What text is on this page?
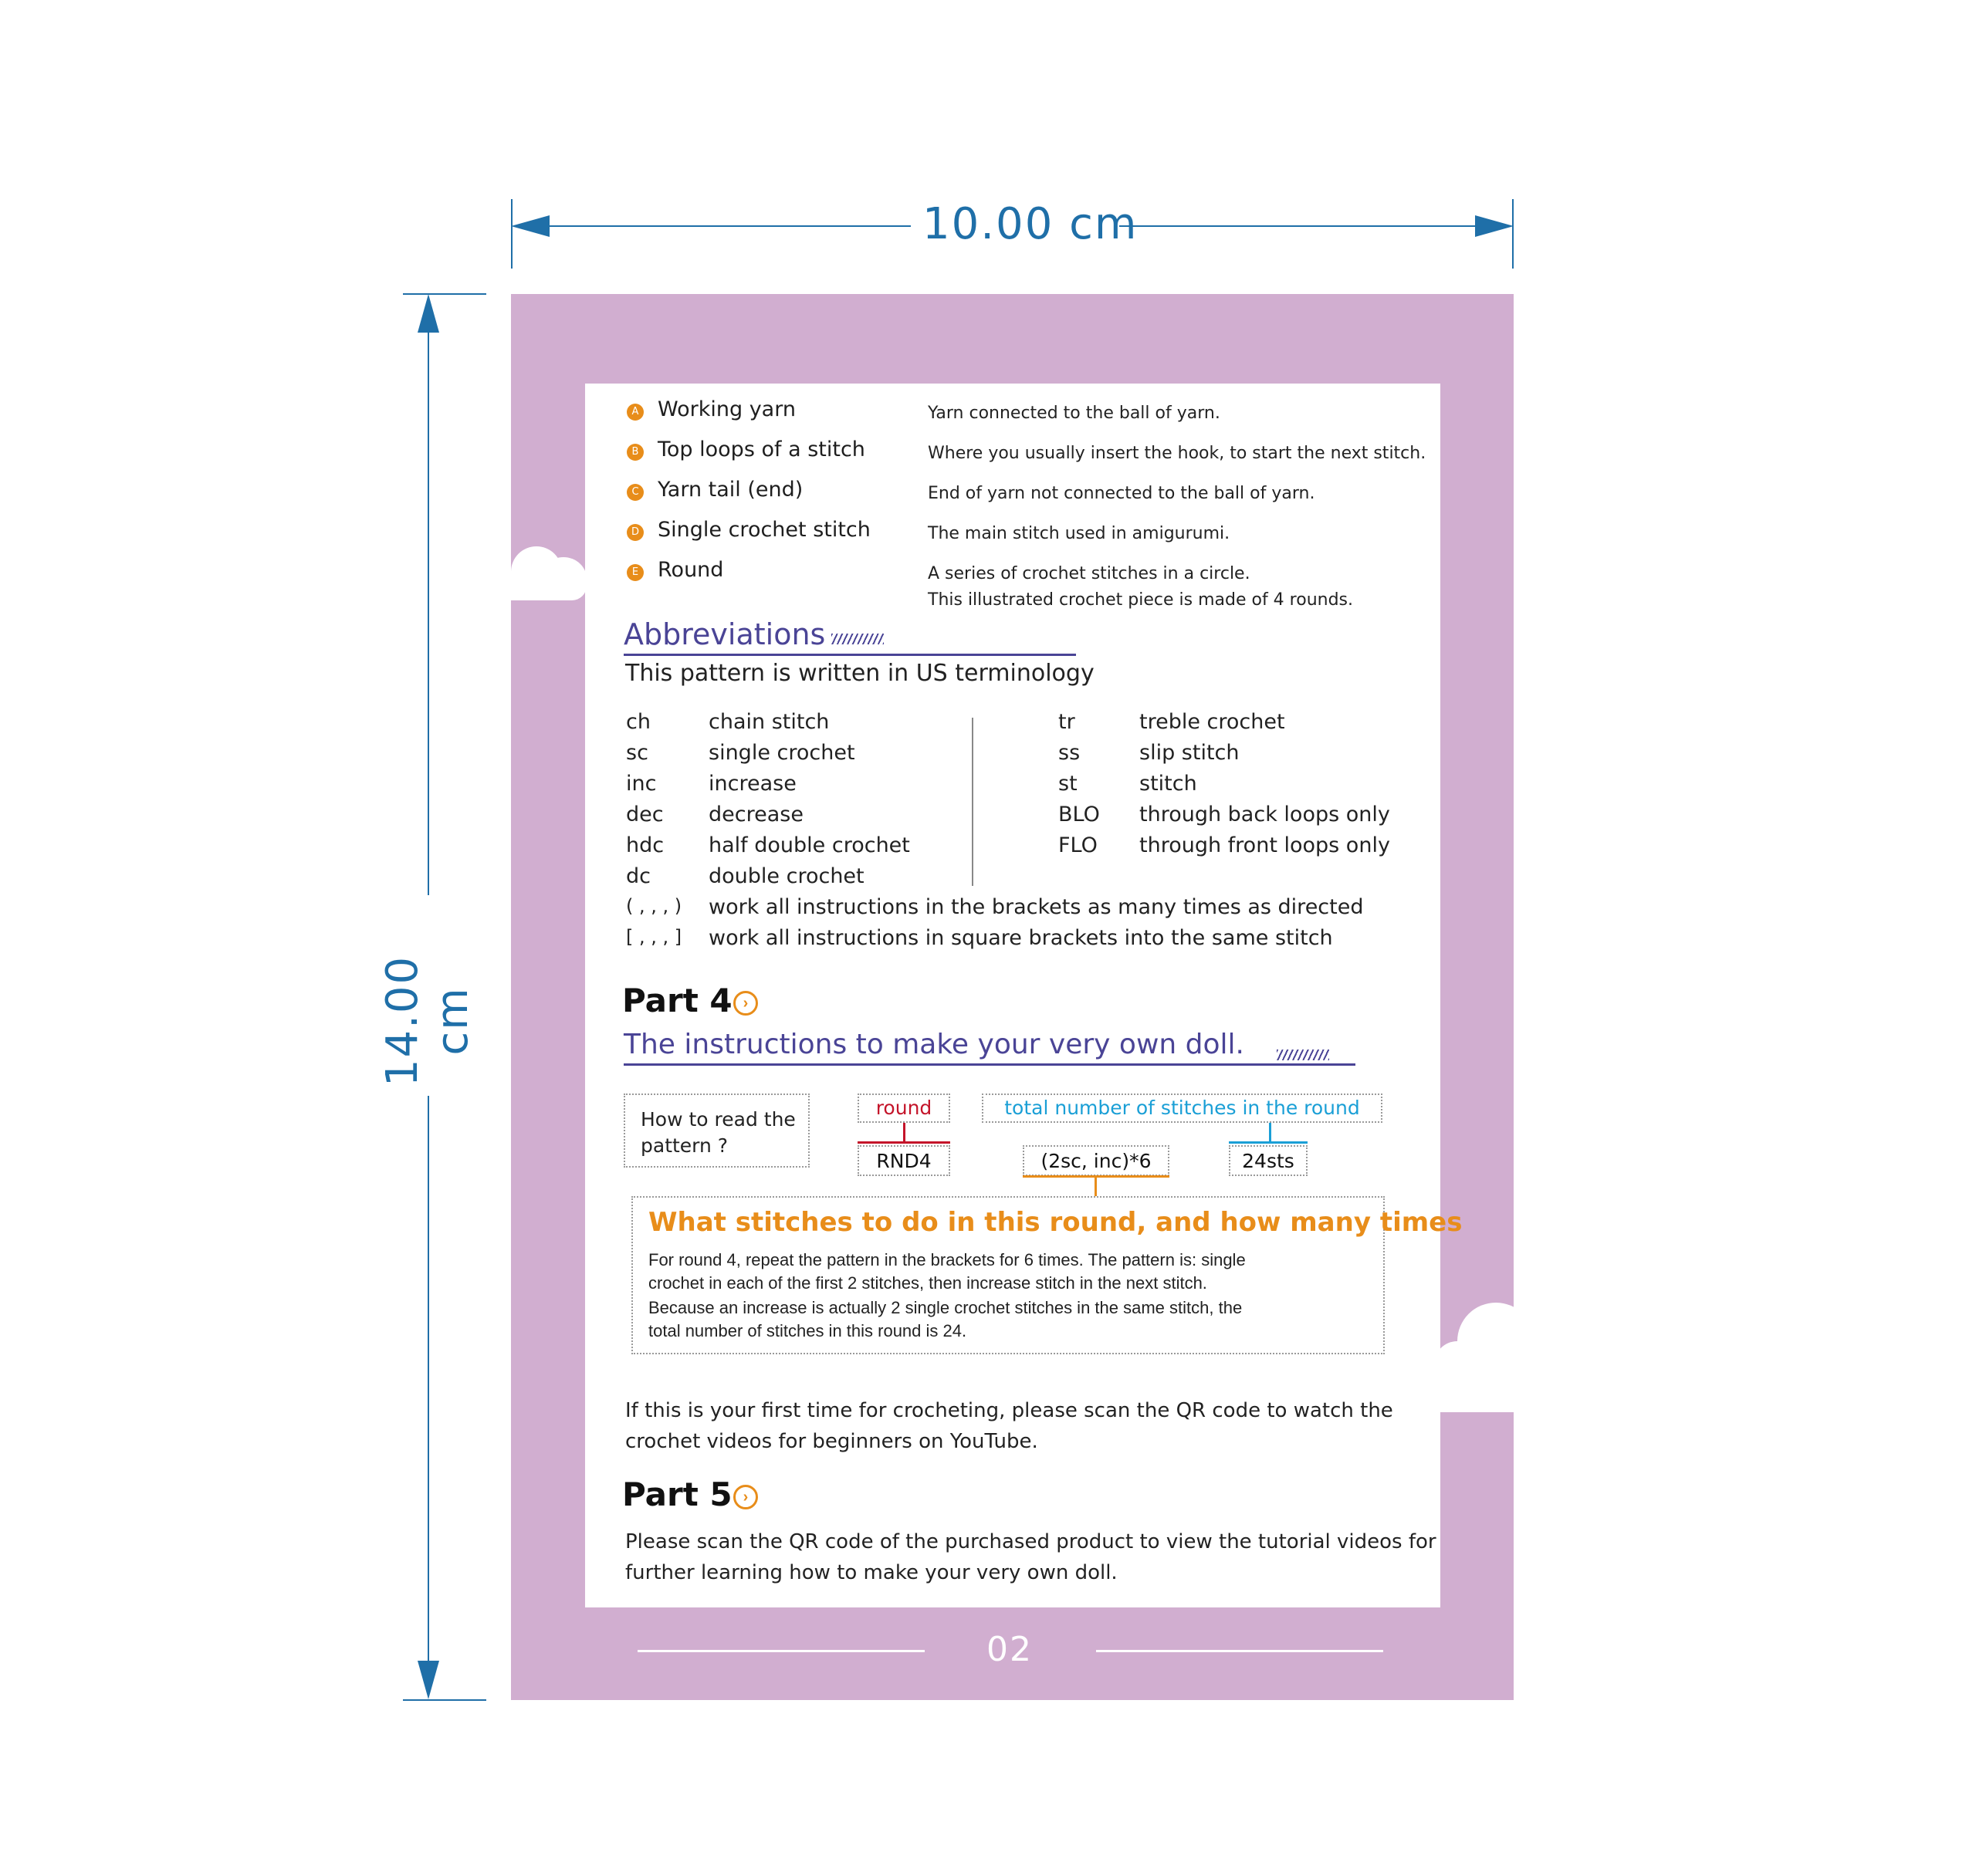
10.00 cm
14.00 cm
A Working yarn	Yarn connected to the ball of yarn.
B Top loops of a stitch	Where you usually insert the hook, to start the next stitch.
C Yarn tail (end)	End of yarn not connected to the ball of yarn.
D Single crochet stitch	The main stitch used in amigurumi.
E Round	A series of crochet stitches in a circle.
This illustrated crochet piece is made of 4 rounds.
Abbreviations
This pattern is written in US terminology
ch	chain stitch
sc	single crochet
inc	increase
dec decrease
hdc half double crochet
dc	double crochet
tr	treble crochet
ss	slip stitch
st	stitch
BLO through back loops only
FLO through front loops only
( , , , ) work all instructions in the brackets as many times as directed
[ , , , ] work all instructions in square brackets into the same stitch
Part 4 ›
The instructions to make your very own doll.
How to read the
pattern ?
round
RND4
total number of stitches in the round
24sts
(2sc, inc)*6
What stitches to do in this round, and how many times
For round 4, repeat the pattern in the brackets for 6 times. The pattern is: single
crochet in each of the first 2 stitches, then increase stitch in the next stitch.
Because an increase is actually 2 single crochet stitches in the same stitch, the
total number of stitches in this round is 24.
If this is your first time for crocheting, please scan the QR code to watch the
crochet videos for beginners on YouTube.
Part 5 ›
Please scan the QR code of the purchased product to view the tutorial videos for
further learning how to make your very own doll.
02
